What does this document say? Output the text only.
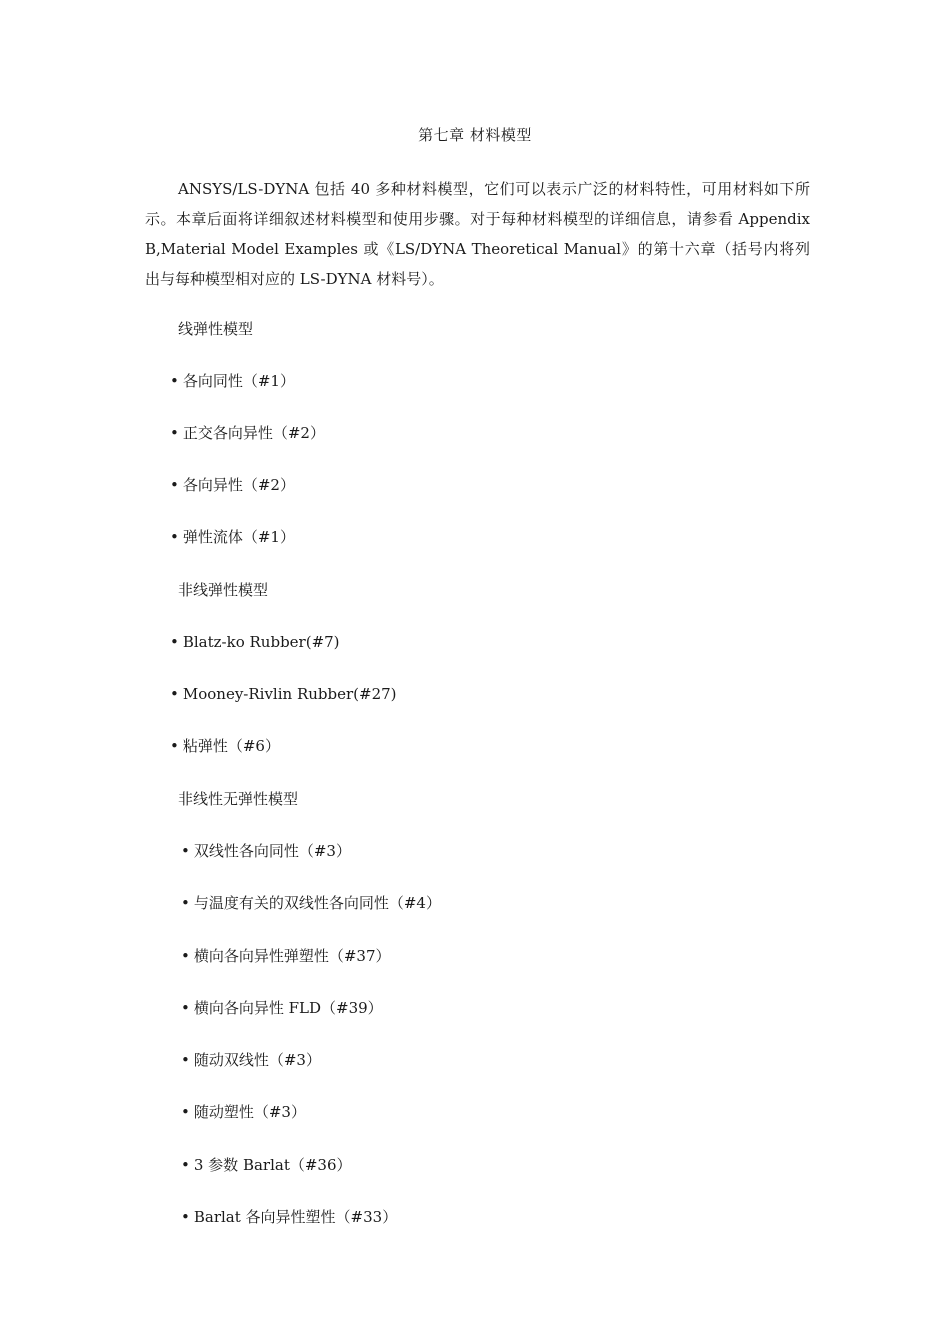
第七章 材料模型

ANSYS/LS-DYNA 包括 40 多种材料模型，它们可以表示广泛的材料特性，可用材料如下所示。本章后面将详细叙述材料模型和使用步骤。对于每种材料模型的详细信息，请参看 Appendix B,Material Model Examples 或《LS/DYNA Theoretical Manual》的第十六章（括号内将列出与每种模型相对应的 LS-DYNA 材料号）。

线弹性模型
• 各向同性（#1）
• 正交各向异性（#2）
• 各向异性（#2）
• 弹性流体（#1）
非线弹性模型
• Blatz-ko Rubber(#7)
• Mooney-Rivlin Rubber(#27)
• 粘弹性（#6）
非线性无弹性模型
• 双线性各向同性（#3）
• 与温度有关的双线性各向同性（#4）
• 横向各向异性弹塑性（#37）
• 横向各向异性 FLD（#39）
• 随动双线性（#3）
• 随动塑性（#3）
• 3 参数 Barlat（#36）
• Barlat 各向异性塑性（#33）
